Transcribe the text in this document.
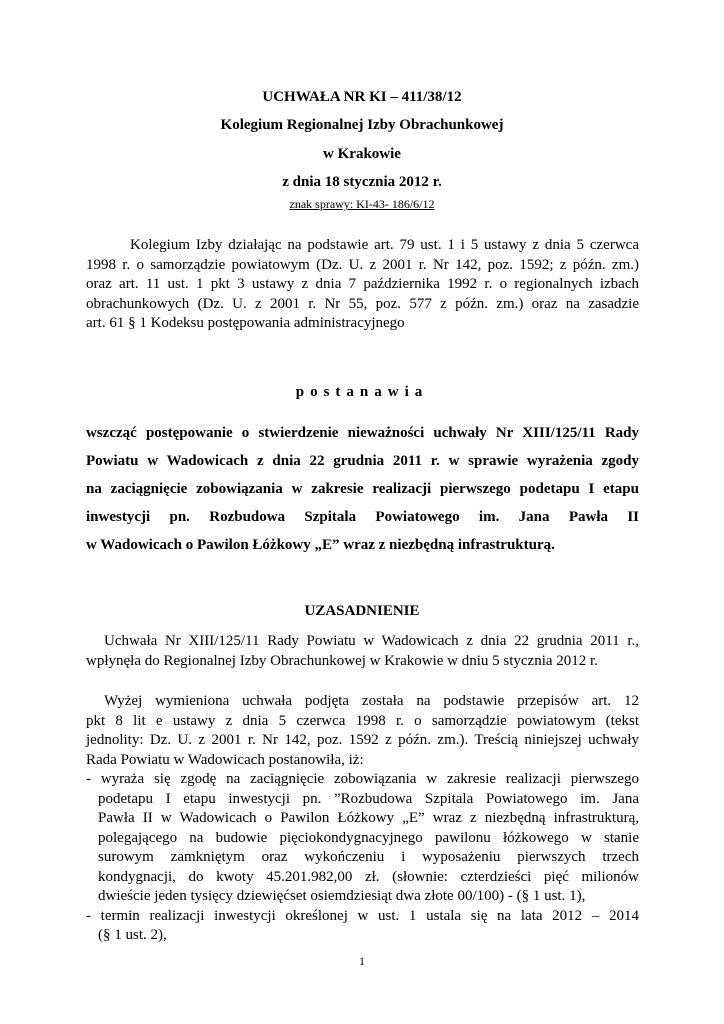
UCHWAŁA NR KI – 411/38/12
Kolegium Regionalnej Izby Obrachunkowej
w Krakowie
z dnia 18 stycznia 2012 r.
znak sprawy: KI-43- 186/6/12
Kolegium Izby działając na podstawie art. 79 ust. 1 i 5 ustawy z dnia 5 czerwca
1998 r. o samorządzie powiatowym (Dz. U. z 2001 r. Nr 142, poz. 1592; z późn. zm.)
oraz art. 11 ust. 1 pkt 3 ustawy z dnia 7 października 1992 r. o regionalnych izbach
obrachunkowych (Dz. U. z 2001 r. Nr 55, poz. 577 z późn. zm.) oraz na zasadzie
art. 61 § 1 Kodeksu postępowania administracyjnego
postanawia
wszcząć postępowanie o stwierdzenie nieważności uchwały Nr XIII/125/11 Rady
Powiatu w Wadowicach z dnia 22 grudnia 2011 r. w sprawie wyrażenia zgody
na zaciągnięcie zobowiązania w zakresie realizacji pierwszego podetapu I etapu
inwestycji pn. Rozbudowa Szpitala Powiatowego im. Jana Pawła II
w Wadowicach o Pawilon Łóżkowy „E” wraz z niezbędną infrastrukturą.
UZASADNIENIE
Uchwała Nr XIII/125/11 Rady Powiatu w Wadowicach z dnia 22 grudnia 2011 r.,
wpłynęła do Regionalnej Izby Obrachunkowej w Krakowie w dniu 5 stycznia 2012 r.
Wyżej wymieniona uchwała podjęta została na podstawie przepisów art. 12
pkt 8 lit e ustawy z dnia 5 czerwca 1998 r. o samorządzie powiatowym (tekst
jednolity: Dz. U. z 2001 r. Nr 142, poz. 1592 z późn. zm.). Treścią niniejszej uchwały
Rada Powiatu w Wadowicach postanowiła, iż:
- wyraża się zgodę na zaciągnięcie zobowiązania w zakresie realizacji pierwszego
podetapu I etapu inwestycji pn. ”Rozbudowa Szpitala Powiatowego im. Jana
Pawła II w Wadowicach o Pawilon Łóżkowy „E” wraz z niezbędną infrastrukturą,
polegającego na budowie pięciokondygnacyjnego pawilonu łóżkowego w stanie
surowym zamkniętym oraz wykończeniu i wyposażeniu pierwszych trzech
kondygnacji, do kwoty 45.201.982,00 zł. (słownie: czterdzieści pięć milionów
dwieście jeden tysięcy dziewięćset osiemdziesiąt dwa złote 00/100) - (§ 1 ust. 1),
- termin realizacji inwestycji określonej w ust. 1 ustala się na lata 2012 – 2014
(§ 1 ust. 2),
1
